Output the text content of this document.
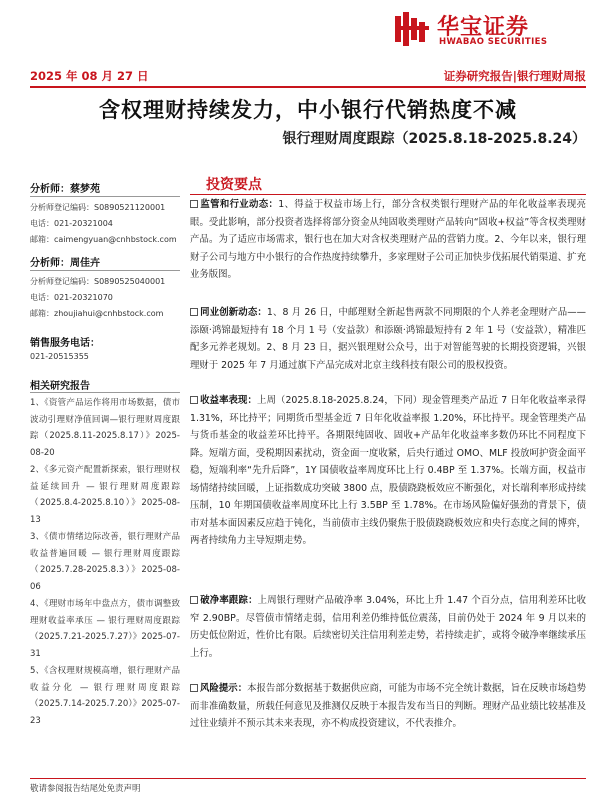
华宝证券
HWABAO SECURITIES
2025 年 08 月 27 日	证券研究报告|银行理财周报
含权理财持续发力，中小银行代销热度不减
银行理财周度跟踪（2025.8.18-2025.8.24）
分析师：蔡梦苑
分析师登记编码：S0890521120001
电话：021-20321004
邮箱：caimengyuan@cnhbstock.com
分析师：周佳卉
分析师登记编码：S0890525040001
电话：021-20321070
邮箱：zhoujiahui@cnhbstock.com
销售服务电话：
021-20515355
相关研究报告
1、《资管产品运作将用市场数据，债市波动引理财净值回调—银行理财周度跟踪（2025.8.11-2025.8.17）》2025-08-20
2、《多元资产配置新探索，银行理财权益延续回升 — 银行理财周度跟踪（2025.8.4-2025.8.10）》2025-08-13
3、《债市情绪边际改善，银行理财产品收益普遍回暖 — 银行理财周度跟踪（2025.7.28-2025.8.3）》2025-08-06
4、《理财市场年中盘点方，债市调整致理财收益率承压 — 银行理财周度跟踪（2025.7.21-2025.7.27）》2025-07-31
5、《含权理财规模高增，银行理财产品收益分化 — 银行理财周度跟踪（2025.7.14-2025.7.20）》2025-07-23
投资要点
监管和行业动态：1、得益于权益市场上行，部分含权类银行理财产品的年化收益率表现亮眼。受此影响，部分投资者选择将部分资金从纯固收类理财产品转向“固收+权益”等含权类理财产品。为了适应市场需求，银行也在加大对含权类理财产品的营销力度。2、今年以来，银行理财子公司与地方中小银行的合作热度持续攀升，多家理财子公司正加快步伐拓展代销渠道、扩充业务版图。
同业创新动态：1、8 月 26 日，中邮理财全新起售两款不同期限的个人养老金理财产品——添颐·鸿锦最短持有 18 个月 1 号（安益款）和添颐·鸿锦最短持有 2 年 1 号（安益款），精准匹配多元养老规划。2、8 月 23 日，据兴银理财公众号，出于对智能驾驶的长期投资逻辑，兴银理财于 2025 年 7 月通过旗下产品完成对北京主线科技有限公司的股权投资。
收益率表现：上周（2025.8.18-2025.8.24，下同）现金管理类产品近 7 日年化收益率录得 1.31%，环比持平；同期货币型基金近 7 日年化收益率报 1.20%，环比持平。现金管理类产品与货币基金的收益差环比持平。各期限纯固收、固收+产品年化收益率多数仍环比不同程度下降。短端方面，受税期因素扰动，资金面一度收紧，后央行通过 OMO、MLF 投放呵护资金面平稳，短端利率“先升后降”，1Y 国债收益率周度环比上行 0.4BP 至 1.37%。长端方面，权益市场情绪持续回暖，上证指数成功突破 3800 点，股债跷跷板效应不断强化，对长端利率形成持续压制，10 年期国债收益率周度环比上行 3.5BP 至 1.78%。在市场风险偏好强劲的背景下，债市对基本面因素反应趋于钝化，当前债市主线仍聚焦于股债跷跷板效应和央行态度之间的博弈，两者持续角力主导短期走势。
破净率跟踪：上周银行理财产品破净率 3.04%，环比上升 1.47 个百分点，信用利差环比收窄 2.90BP。尽管债市情绪走弱，信用利差仍维持低位震荡，目前仍处于 2024 年 9 月以来的历史低位附近，性价比有限。后续密切关注信用利差走势，若持续走扩，或将令破净率继续承压上行。
风险提示：本报告部分数据基于数据供应商，可能为市场不完全统计数据，旨在反映市场趋势而非准确数量，所载任何意见及推测仅反映于本报告发布当日的判断。理财产品业绩比较基准及过往业绩并不预示其未来表现，亦不构成投资建议，不代表推介。
敬请参阅报告结尾处免责声明
